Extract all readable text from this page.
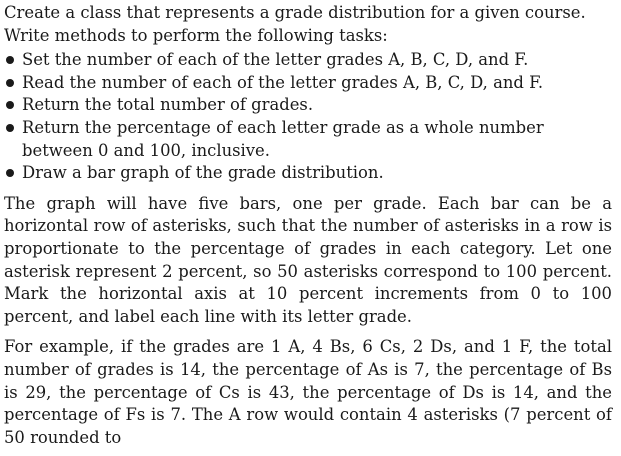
Create a class that represents a grade distribution for a given course. Write methods to perform the following tasks:

Set the number of each of the letter grades A, B, C, D, and F.
Read the number of each of the letter grades A, B, C, D, and F.
Return the total number of grades.
Return the percentage of each letter grade as a whole number between 0 and 100, inclusive.
Draw a bar graph of the grade distribution.

The graph will have five bars, one per grade. Each bar can be a horizontal row of asterisks, such that the number of asterisks in a row is proportionate to the percentage of grades in each category. Let one asterisk represent 2 percent, so 50 asterisks correspond to 100 percent. Mark the horizontal axis at 10 percent increments from 0 to 100 percent, and label each line with its letter grade.

For example, if the grades are 1 A, 4 Bs, 6 Cs, 2 Ds, and 1 F, the total number of grades is 14, the percentage of As is 7, the percentage of Bs is 29, the percentage of Cs is 43, the percentage of Ds is 14, and the percentage of Fs is 7. The A row would contain 4 asterisks (7 percent of 50 rounded to
